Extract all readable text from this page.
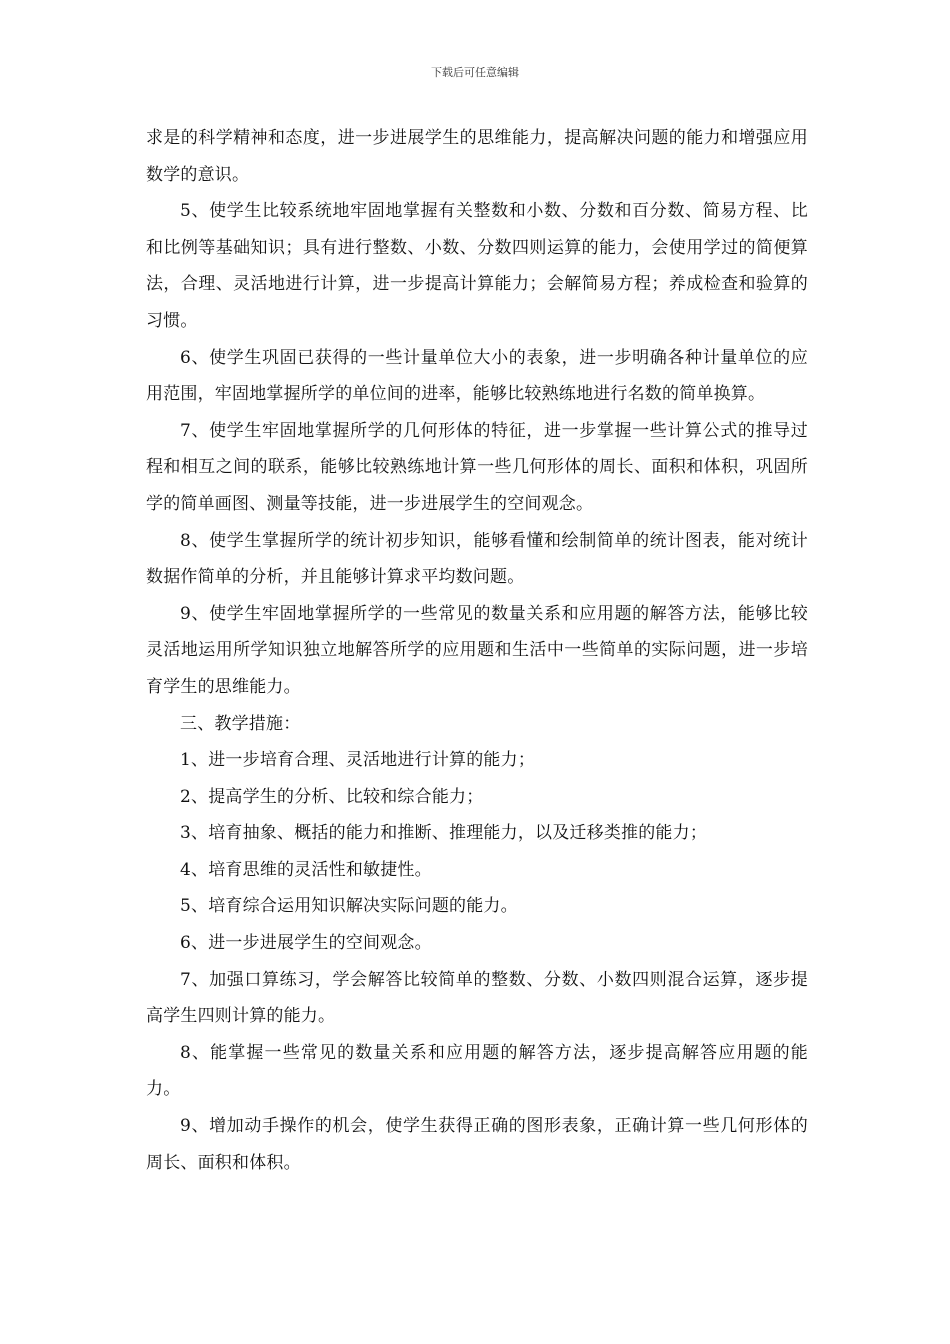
下载后可任意编辑

求是的科学精神和态度，进一步进展学生的思维能力，提高解决问题的能力和增强应用数学的意识。

5、使学生比较系统地牢固地掌握有关整数和小数、分数和百分数、简易方程、比和比例等基础知识；具有进行整数、小数、分数四则运算的能力，会使用学过的简便算法，合理、灵活地进行计算，进一步提高计算能力；会解简易方程；养成检查和验算的习惯。

6、使学生巩固已获得的一些计量单位大小的表象，进一步明确各种计量单位的应用范围，牢固地掌握所学的单位间的进率，能够比较熟练地进行名数的简单换算。

7、使学生牢固地掌握所学的几何形体的特征，进一步掌握一些计算公式的推导过程和相互之间的联系，能够比较熟练地计算一些几何形体的周长、面积和体积，巩固所学的简单画图、测量等技能，进一步进展学生的空间观念。

8、使学生掌握所学的统计初步知识，能够看懂和绘制简单的统计图表，能对统计数据作简单的分析，并且能够计算求平均数问题。

9、使学生牢固地掌握所学的一些常见的数量关系和应用题的解答方法，能够比较灵活地运用所学知识独立地解答所学的应用题和生活中一些简单的实际问题，进一步培育学生的思维能力。

三、教学措施：

1、进一步培育合理、灵活地进行计算的能力；

2、提高学生的分析、比较和综合能力；

3、培育抽象、概括的能力和推断、推理能力，以及迁移类推的能力；

4、培育思维的灵活性和敏捷性。

5、培育综合运用知识解决实际问题的能力。

6、进一步进展学生的空间观念。

7、加强口算练习，学会解答比较简单的整数、分数、小数四则混合运算，逐步提高学生四则计算的能力。

8、能掌握一些常见的数量关系和应用题的解答方法，逐步提高解答应用题的能力。

9、增加动手操作的机会，使学生获得正确的图形表象，正确计算一些几何形体的周长、面积和体积。
